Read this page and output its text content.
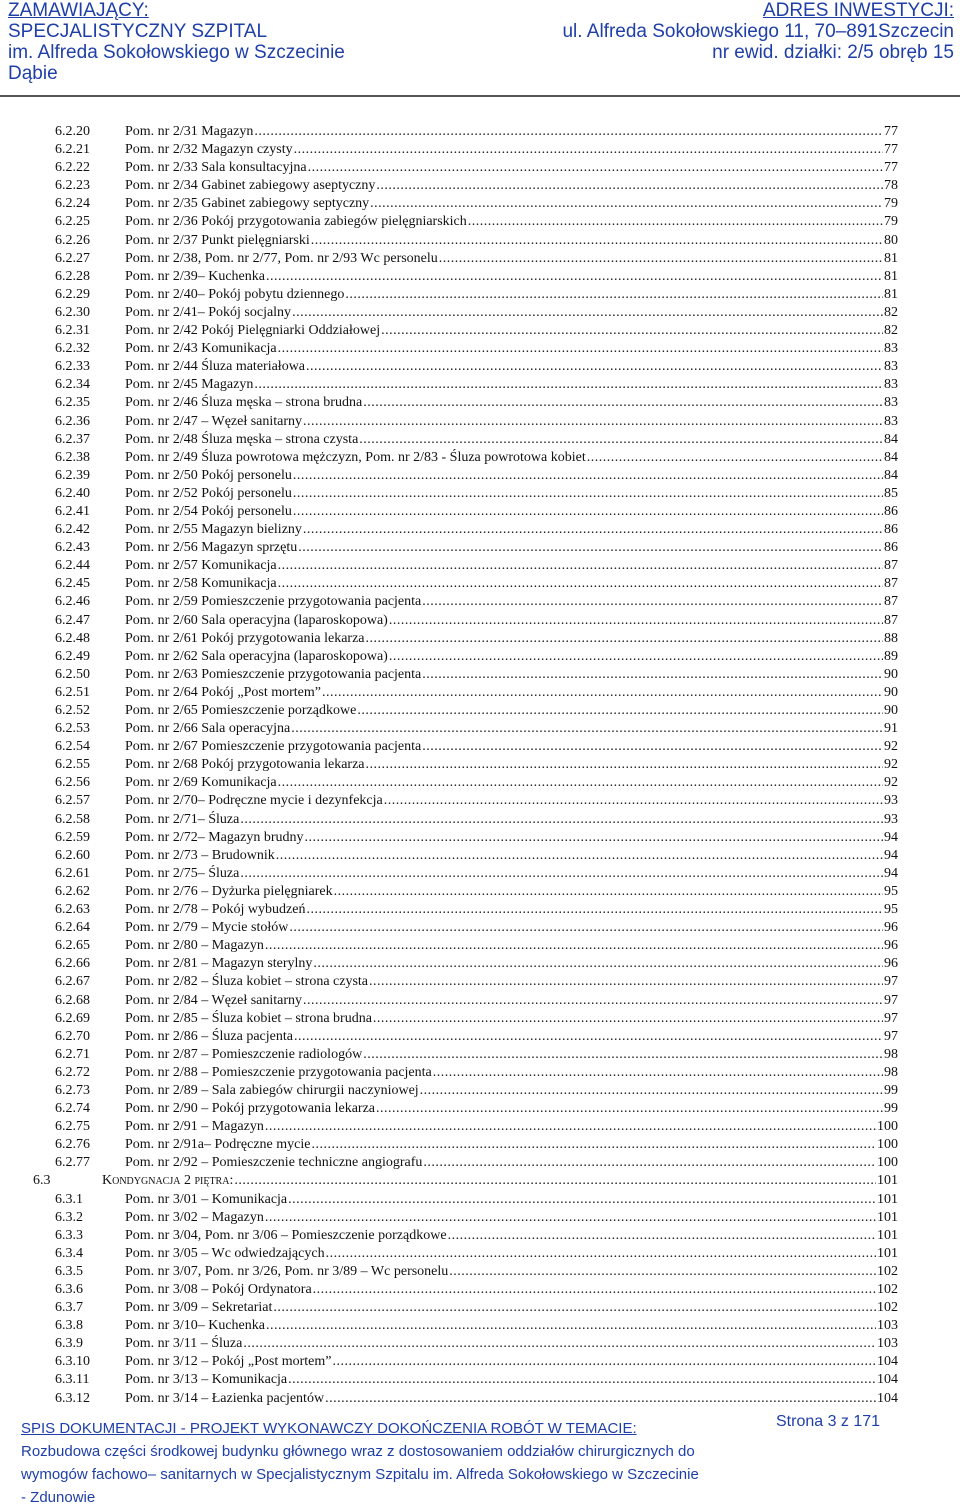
ZAMAWIAJĄCY:
SPECJALISTYCZNY SZPITAL
im. Alfreda Sokołowskiego w Szczecinie
Dąbie
ADRES INWESTYCJI:
ul. Alfreda Sokołowskiego 11, 70–891Szczecin
nr ewid. działki: 2/5 obręb 15
6.2.20	Pom. nr 2/31 Magazyn .....	77
6.2.21	Pom. nr 2/32 Magazyn czysty .....	77
6.2.22	Pom. nr 2/33 Sala konsultacyjna .....	77
6.2.23	Pom. nr 2/34 Gabinet zabiegowy aseptyczny .....	78
6.2.24	Pom. nr 2/35 Gabinet zabiegowy septyczny .....	79
6.2.25	Pom. nr 2/36 Pokój przygotowania zabiegów pielęgniarskich .....	79
6.2.26	Pom. nr 2/37 Punkt pielęgniarski .....	80
6.2.27	Pom. nr 2/38, Pom. nr 2/77, Pom. nr 2/93 Wc personelu .....	81
6.2.28	Pom. nr 2/39– Kuchenka .....	81
6.2.29	Pom. nr 2/40– Pokój pobytu dziennego .....	81
6.2.30	Pom. nr 2/41– Pokój socjalny .....	82
6.2.31	Pom. nr 2/42 Pokój Pielęgniarki Oddziałowej .....	82
6.2.32	Pom. nr 2/43 Komunikacja .....	83
6.2.33	Pom. nr 2/44 Śluza materiałowa .....	83
6.2.34	Pom. nr 2/45 Magazyn .....	83
6.2.35	Pom. nr 2/46 Śluza męska – strona brudna .....	83
6.2.36	Pom. nr 2/47 – Węzeł sanitarny .....	83
6.2.37	Pom. nr 2/48 Śluza męska – strona czysta .....	84
6.2.38	Pom. nr 2/49 Śluza powrotowa mężczyzn, Pom. nr 2/83 - Śluza powrotowa kobiet .....	84
6.2.39	Pom. nr 2/50 Pokój personelu .....	84
6.2.40	Pom. nr 2/52 Pokój personelu .....	85
6.2.41	Pom. nr 2/54 Pokój personelu .....	86
6.2.42	Pom. nr 2/55 Magazyn bielizny .....	86
6.2.43	Pom. nr 2/56 Magazyn sprzętu .....	86
6.2.44	Pom. nr 2/57 Komunikacja .....	87
6.2.45	Pom. nr 2/58 Komunikacja .....	87
6.2.46	Pom. nr 2/59 Pomieszczenie przygotowania pacjenta .....	87
6.2.47	Pom. nr 2/60 Sala operacyjna (laparoskopowa) .....	87
6.2.48	Pom. nr 2/61 Pokój przygotowania lekarza .....	88
6.2.49	Pom. nr 2/62 Sala operacyjna (laparoskopowa) .....	89
6.2.50	Pom. nr 2/63 Pomieszczenie przygotowania pacjenta .....	90
6.2.51	Pom. nr 2/64 Pokój „Post mortem” .....	90
6.2.52	Pom. nr 2/65 Pomieszczenie porządkowe .....	90
6.2.53	Pom. nr 2/66 Sala operacyjna .....	91
6.2.54	Pom. nr 2/67 Pomieszczenie przygotowania pacjenta .....	92
6.2.55	Pom. nr 2/68 Pokój przygotowania lekarza .....	92
6.2.56	Pom. nr 2/69 Komunikacja .....	92
6.2.57	Pom. nr 2/70– Podręczne mycie i dezynfekcja .....	93
6.2.58	Pom. nr 2/71– Śluza .....	93
6.2.59	Pom. nr 2/72– Magazyn brudny .....	94
6.2.60	Pom. nr 2/73 – Brudownik .....	94
6.2.61	Pom. nr 2/75– Śluza .....	94
6.2.62	Pom. nr 2/76 – Dyżurka pielęgniarek .....	95
6.2.63	Pom. nr 2/78 – Pokój wybudzeń .....	95
6.2.64	Pom. nr 2/79 – Mycie stołów .....	96
6.2.65	Pom. nr 2/80 – Magazyn .....	96
6.2.66	Pom. nr 2/81 – Magazyn sterylny .....	96
6.2.67	Pom. nr 2/82 – Śluza kobiet – strona czysta .....	97
6.2.68	Pom. nr 2/84 – Węzeł sanitarny .....	97
6.2.69	Pom. nr 2/85 – Śluza kobiet – strona brudna .....	97
6.2.70	Pom. nr 2/86 – Śluza pacjenta .....	97
6.2.71	Pom. nr 2/87 – Pomieszczenie radiologów .....	98
6.2.72	Pom. nr 2/88 – Pomieszczenie przygotowania pacjenta .....	98
6.2.73	Pom. nr 2/89 – Sala zabiegów chirurgii naczyniowej .....	99
6.2.74	Pom. nr 2/90 – Pokój przygotowania lekarza .....	99
6.2.75	Pom. nr 2/91 – Magazyn .....	100
6.2.76	Pom. nr 2/91a– Podręczne mycie .....	100
6.2.77	Pom. nr 2/92 – Pomieszczenie techniczne angiografu .....	100
6.3	Kondygnacja 2 piętra: .....	101
6.3.1	Pom. nr 3/01 – Komunikacja .....	101
6.3.2	Pom. nr 3/02 – Magazyn .....	101
6.3.3	Pom. nr 3/04, Pom. nr 3/06 – Pomieszczenie porządkowe .....	101
6.3.4	Pom. nr 3/05 – Wc odwiedzających .....	101
6.3.5	Pom. nr 3/07, Pom. nr 3/26, Pom. nr 3/89 – Wc personelu .....	102
6.3.6	Pom. nr 3/08 – Pokój Ordynatora .....	102
6.3.7	Pom. nr 3/09 – Sekretariat .....	102
6.3.8	Pom. nr 3/10– Kuchenka .....	103
6.3.9	Pom. nr 3/11 – Śluza .....	103
6.3.10	Pom. nr 3/12 – Pokój „Post mortem” .....	104
6.3.11	Pom. nr 3/13 – Komunikacja .....	104
6.3.12	Pom. nr 3/14 – Łazienka pacjentów .....	104
SPIS DOKUMENTACJI - PROJEKT WYKONAWCZY DOKOŃCZENIA ROBÓT W TEMACIE:
Rozbudowa części środkowej budynku głównego wraz z dostosowaniem oddziałów chirurgicznych do
wymogów fachowo– sanitarnych w Specjalistycznym Szpitalu im. Alfreda Sokołowskiego w Szczecinie
- Zdunowie
Strona 3 z 171
